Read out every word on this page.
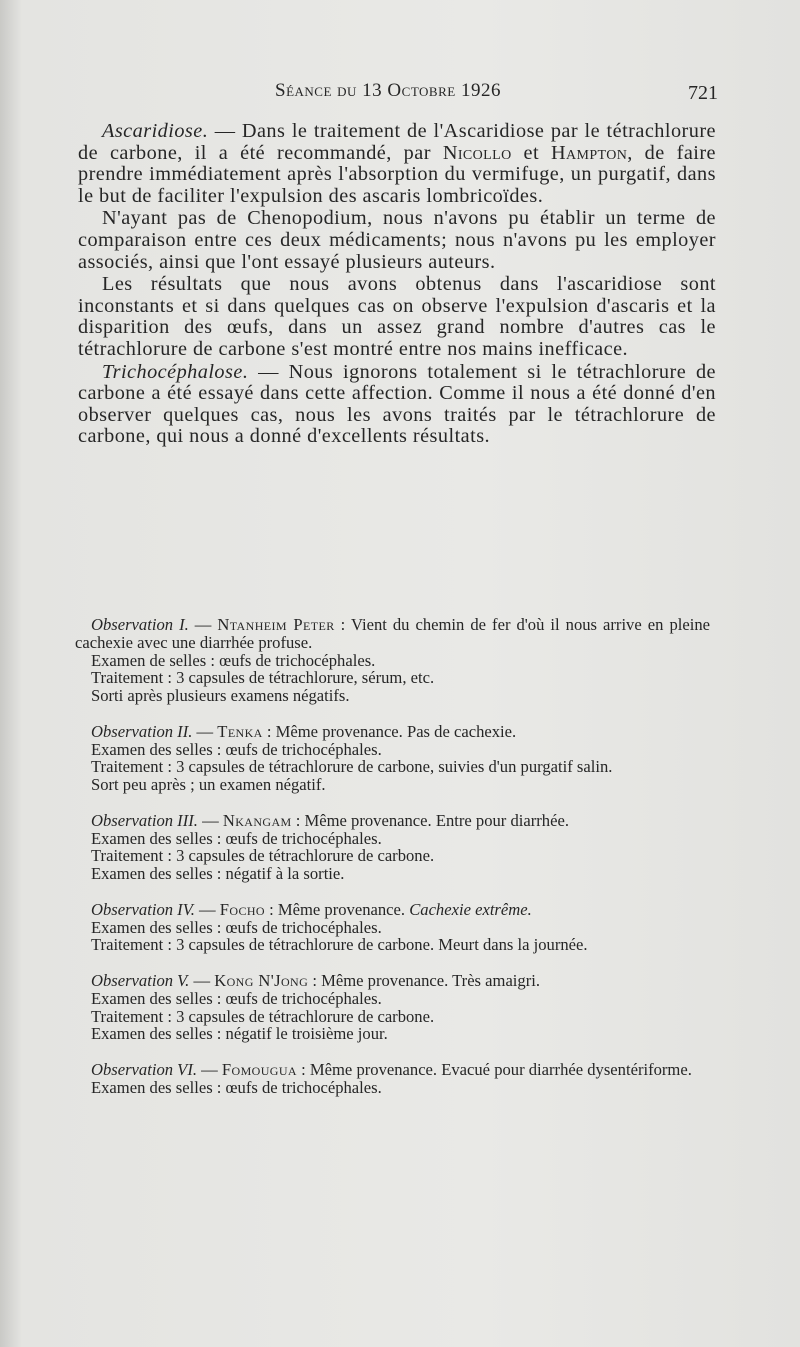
Séance du 13 Octobre 1926	721

Ascaridiose. — Dans le traitement de l'Ascaridiose par le tétrachlorure de carbone, il a été recommandé, par Nicollo et Hampton, de faire prendre immédiatement après l'absorption du vermifuge, un purgatif, dans le but de faciliter l'expulsion des ascaris lombricoïdes.

N'ayant pas de Chenopodium, nous n'avons pu établir un terme de comparaison entre ces deux médicaments; nous n'avons pu les employer associés, ainsi que l'ont essayé plusieurs auteurs.

Les résultats que nous avons obtenus dans l'ascaridiose sont inconstants et si dans quelques cas on observe l'expulsion d'ascaris et la disparition des œufs, dans un assez grand nombre d'autres cas le tétrachlorure de carbone s'est montré entre nos mains inefficace.

Trichocéphalose. — Nous ignorons totalement si le tétrachlorure de carbone a été essayé dans cette affection. Comme il nous a été donné d'en observer quelques cas, nous les avons traités par le tétrachlorure de carbone, qui nous a donné d'excellents résultats.

Observation I. — Ntanheim Peter : Vient du chemin de fer d'où il nous arrive en pleine cachexie avec une diarrhée profuse.

Examen de selles : œufs de trichocéphales.

Traitement : 3 capsules de tétrachlorure, sérum, etc.

Sorti après plusieurs examens négatifs.

Observation II. — Tenka : Même provenance. Pas de cachexie.

Examen des selles : œufs de trichocéphales.

Traitement : 3 capsules de tétrachlorure de carbone, suivies d'un purgatif salin.

Sort peu après ; un examen négatif.

Observation III. — Nkangam : Même provenance. Entre pour diarrhée.

Examen des selles : œufs de trichocéphales.

Traitement : 3 capsules de tétrachlorure de carbone.

Examen des selles : négatif à la sortie.

Observation IV. — Focho : Même provenance. Cachexie extrême.

Examen des selles : œufs de trichocéphales.

Traitement : 3 capsules de tétrachlorure de carbone. Meurt dans la journée.

Observation V. — Kong N'Jong : Même provenance. Très amaigri.

Examen des selles : œufs de trichocéphales.

Traitement : 3 capsules de tétrachlorure de carbone.

Examen des selles : négatif le troisième jour.

Observation VI. — Fomougua : Même provenance. Evacué pour diarrhée dysentériforme.

Examen des selles : œufs de trichocéphales.
